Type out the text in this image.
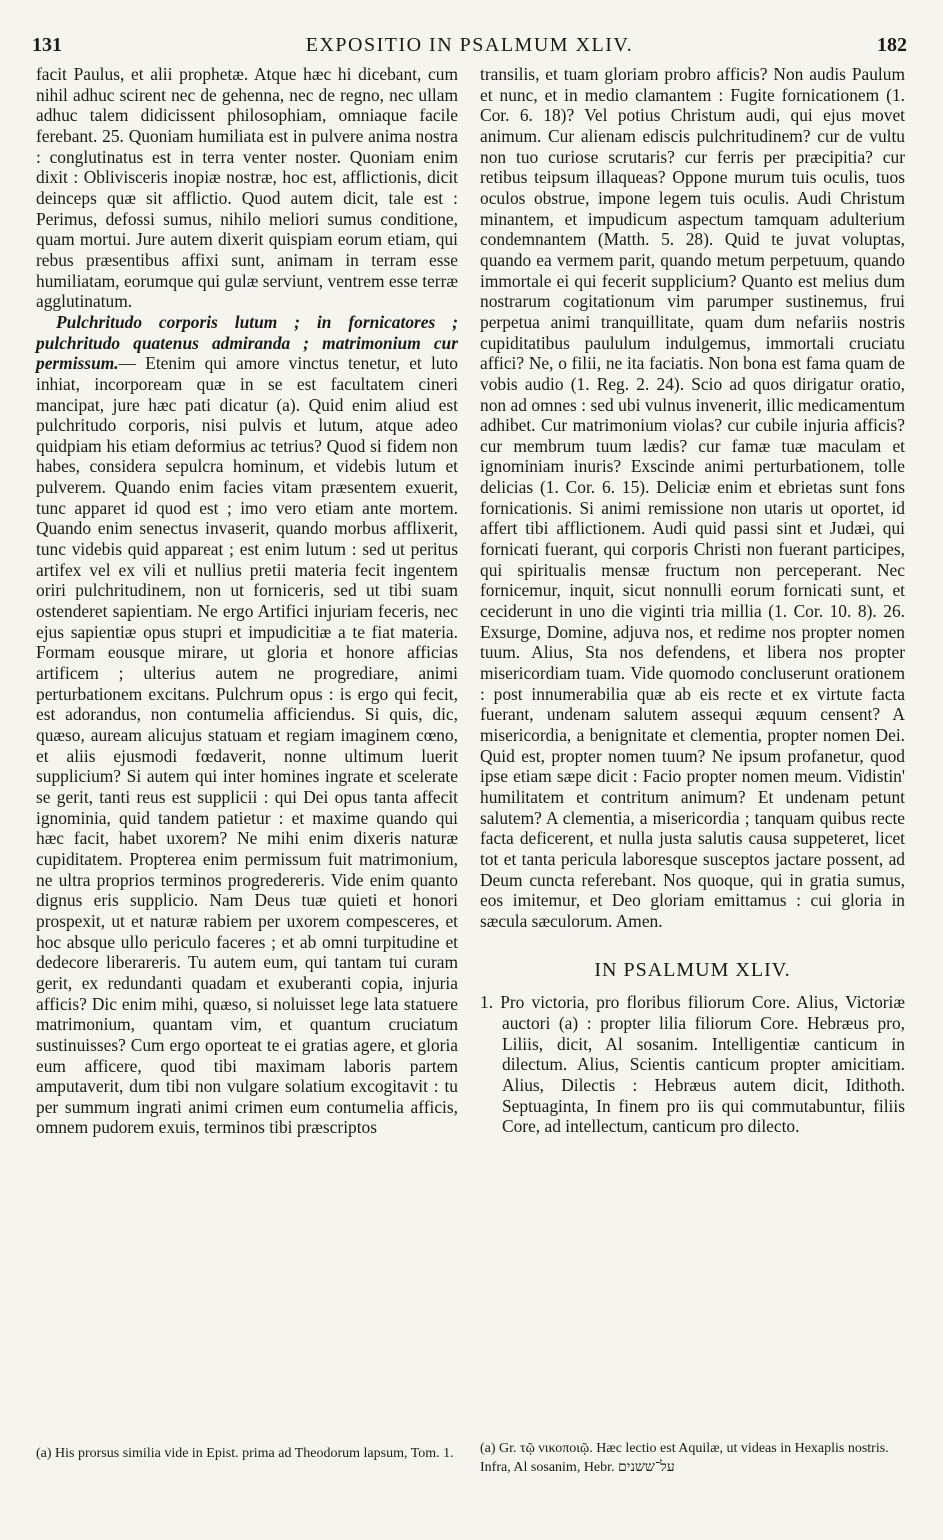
131	EXPOSITIO IN PSALMUM XLIV.	182

facit Paulus, et alii prophetæ. Atque hæc hi dicebant, cum nihil adhuc scirent nec de gehenna, nec de regno, nec ullam adhuc talem didicissent philosophiam, omniaque facile ferebant. 25. Quoniam humiliata est in pulvere anima nostra : conglutinatus est in terra venter noster. Quoniam enim dixit : Oblivisceris inopiæ nostræ, hoc est, afflictionis, dicit deinceps quæ sit afflictio. Quod autem dicit, tale est : Perimus, defossi sumus, nihilo meliori sumus conditione, quam mortui. Jure autem dixerit quispiam eorum etiam, qui rebus præsentibus affixi sunt, animam in terram esse humiliatam, eorumque qui gulæ serviunt, ventrem esse terræ agglutinatum.

Pulchritudo corporis lutum ; in fornicatores ; pulchritudo quatenus admiranda ; matrimonium cur permissum.— Etenim qui amore vinctus tenetur, et luto inhiat, incorpoream quæ in se est facultatem cineri mancipat, jure hæc pati dicatur (a). Quid enim aliud est pulchritudo corporis, nisi pulvis et lutum, atque adeo quidpiam his etiam deformius ac tetrius? Quod si fidem non habes, considera sepulcra hominum, et videbis lutum et pulverem. Quando enim facies vitam præsentem exuerit, tunc apparet id quod est ; imo vero etiam ante mortem. Quando enim senectus invaserit, quando morbus afflixerit, tunc videbis quid appareat ; est enim lutum : sed ut peritus artifex vel ex vili et nullius pretii materia fecit ingentem oriri pulchritudinem, non ut forniceris, sed ut tibi suam ostenderet sapientiam. Ne ergo Artifici injuriam feceris, nec ejus sapientiæ opus stupri et impudicitiæ a te fiat materia. Formam eousque mirare, ut gloria et honore afficias artificem ; ulterius autem ne progrediare, animi perturbationem excitans. Pulchrum opus : is ergo qui fecit, est adorandus, non contumelia afficiendus. Si quis, dic, quæso, auream alicujus statuam et regiam imaginem cœno, et aliis ejusmodi fœdaverit, nonne ultimum luerit supplicium? Si autem qui inter homines ingrate et scelerate se gerit, tanti reus est supplicii : qui Dei opus tanta affecit ignominia, quid tandem patietur : et maxime quando qui hæc facit, habet uxorem? Ne mihi enim dixeris naturæ cupiditatem. Propterea enim permissum fuit matrimonium, ne ultra proprios terminos progredereris. Vide enim quanto dignus eris supplicio. Nam Deus tuæ quieti et honori prospexit, ut et naturæ rabiem per uxorem compesceres, et hoc absque ullo periculo faceres ; et ab omni turpitudine et dedecore liberareris. Tu autem eum, qui tantam tui curam gerit, ex redundanti quadam et exuberanti copia, injuria afficis? Dic enim mihi, quæso, si noluisset lege lata statuere matrimonium, quantam vim, et quantum cruciatum sustinuisses? Cum ergo oporteat te ei gratias agere, et gloria eum afficere, quod tibi maximam laboris partem amputaverit, dum tibi non vulgare solatium excogitavit : tu per summum ingrati animi crimen eum contumelia afficis, omnem pudorem exuis, terminos tibi præscriptos

transilis, et tuam gloriam probro afficis? Non audis Paulum et nunc, et in medio clamantem : Fugite fornicationem (1. Cor. 6. 18)? Vel potius Christum audi, qui ejus movet animum. Cur alienam ediscis pulchritudinem? cur de vultu non tuo curiose scrutaris? cur ferris per præcipitia? cur retibus teipsum illaqueas? Oppone murum tuis oculis, tuos oculos obstrue, impone legem tuis oculis. Audi Christum minantem, et impudicum aspectum tamquam adulterium condemnantem (Matth. 5. 28). Quid te juvat voluptas, quando ea vermem parit, quando metum perpetuum, quando immortale ei qui fecerit supplicium? Quanto est melius dum nostrarum cogitationum vim parumper sustinemus, frui perpetua animi tranquillitate, quam dum nefariis nostris cupiditatibus paululum indulgemus, immortali cruciatu affici? Ne, o filii, ne ita faciatis. Non bona est fama quam de vobis audio (1. Reg. 2. 24). Scio ad quos dirigatur oratio, non ad omnes : sed ubi vulnus invenerit, illic medicamentum adhibet. Cur matrimonium violas? cur cubile injuria afficis? cur membrum tuum lædis? cur famæ tuæ maculam et ignominiam inuris? Exscinde animi perturbationem, tolle delicias (1. Cor. 6. 15). Deliciæ enim et ebrietas sunt fons fornicationis. Si animi remissione non utaris ut oportet, id affert tibi afflictionem. Audi quid passi sint et Judæi, qui fornicati fuerant, qui corporis Christi non fuerant participes, qui spiritualis mensæ fructum non perceperant. Nec fornicemur, inquit, sicut nonnulli eorum fornicati sunt, et ceciderunt in uno die viginti tria millia (1. Cor. 10. 8). 26. Exsurge, Domine, adjuva nos, et redime nos propter nomen tuum. Alius, Sta nos defendens, et libera nos propter misericordiam tuam. Vide quomodo concluserunt orationem : post innumerabilia quæ ab eis recte et ex virtute facta fuerant, undenam salutem assequi æquum censent? A misericordia, a benignitate et clementia, propter nomen Dei. Quid est, propter nomen tuum? Ne ipsum profanetur, quod ipse etiam sæpe dicit : Facio propter nomen meum. Vidistin' humilitatem et contritum animum? Et undenam petunt salutem? A clementia, a misericordia ; tanquam quibus recte facta deficerent, et nulla justa salutis causa suppeteret, licet tot et tanta pericula laboresque susceptos jactare possent, ad Deum cuncta referebant. Nos quoque, qui in gratia sumus, eos imitemur, et Deo gloriam emittamus : cui gloria in sæcula sæculorum. Amen.

IN PSALMUM XLIV.

1. Pro victoria, pro floribus filiorum Core. Alius, Victoriæ auctori (a) : propter lilia filiorum Core. Hebræus pro, Liliis, dicit, Al sosanim. Intelligentiæ canticum in dilectum. Alius, Scientis canticum propter amicitiam. Alius, Dilectis : Hebræus autem dicit, Idithoth. Septuaginta, In finem pro iis qui commutabuntur, filiis Core, ad intellectum, canticum pro dilecto.

(a) His prorsus similia vide in Epist. prima ad Theodorum lapsum, Tom. 1.	(a) Gr. τῷ νικοποιῷ. Hæc lectio est Aquilæ, ut videas in Hexaplis nostris. Infra, Al sosanim, Hebr. על־ששנים
